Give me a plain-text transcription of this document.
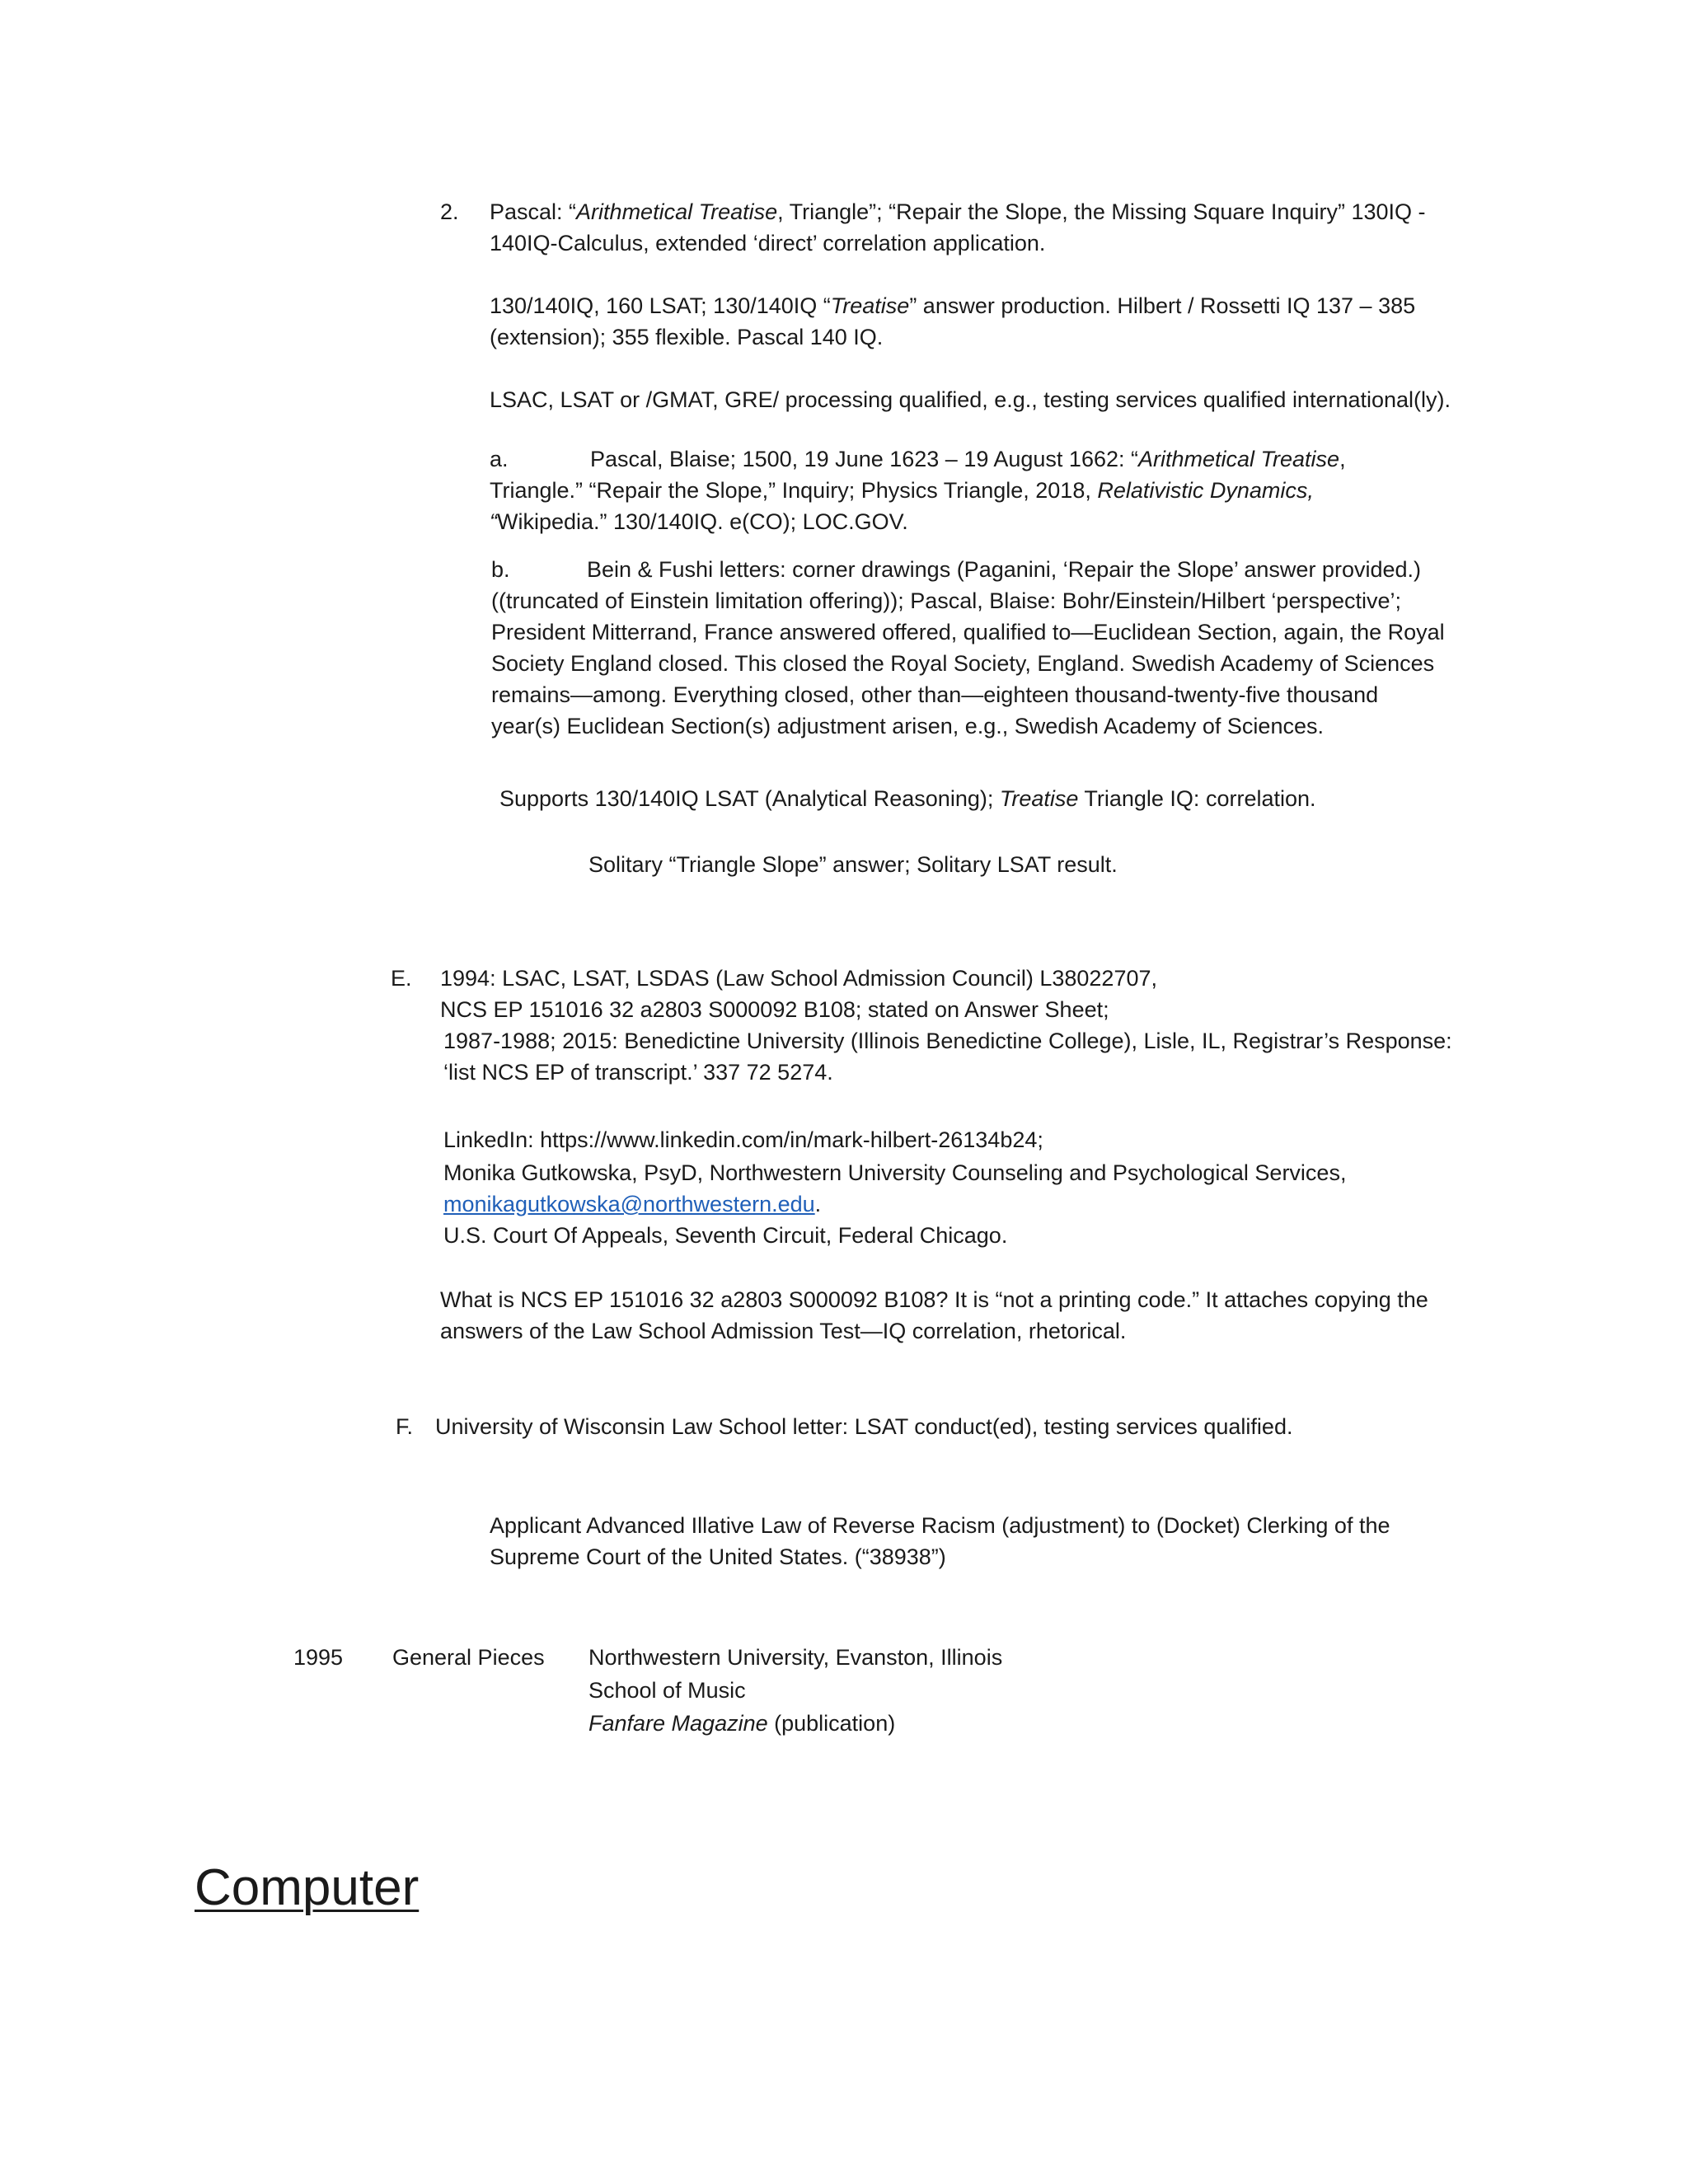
2. Pascal: “Arithmetical Treatise, Triangle”; “Repair the Slope, the Missing Square Inquiry” 130IQ -

140IQ-Calculus, extended ‘direct’ correlation application.

130/140IQ, 160 LSAT; 130/140IQ “Treatise” answer production. Hilbert / Rossetti IQ 137 – 385

(extension); 355 flexible. Pascal 140 IQ.

LSAC, LSAT or /GMAT, GRE/ processing qualified, e.g., testing services qualified international(ly).

a.	Pascal, Blaise; 1500, 19 June 1623 – 19 August 1662: “Arithmetical Treatise,

Triangle.” “Repair the Slope,” Inquiry; Physics Triangle, 2018, Relativistic Dynamics,

“Wikipedia.” 130/140IQ. e(CO); LOC.GOV.

b.	Bein & Fushi letters: corner drawings (Paganini, ‘Repair the Slope’ answer provided.)

((truncated of Einstein limitation offering)); Pascal, Blaise: Bohr/Einstein/Hilbert ‘perspective’;

President Mitterrand, France answered offered, qualified to—Euclidean Section, again, the Royal

Society England closed. This closed the Royal Society, England. Swedish Academy of Sciences

remains—among. Everything closed, other than—eighteen thousand-twenty-five thousand

year(s) Euclidean Section(s) adjustment arisen, e.g., Swedish Academy of Sciences.

Supports 130/140IQ LSAT (Analytical Reasoning); Treatise Triangle IQ: correlation.

Solitary “Triangle Slope” answer; Solitary LSAT result.

E. 1994: LSAC, LSAT, LSDAS (Law School Admission Council) L38022707,

NCS EP 151016 32 a2803 S000092 B108; stated on Answer Sheet;

1987-1988; 2015: Benedictine University (Illinois Benedictine College), Lisle, IL, Registrar’s Response:

‘list NCS EP of transcript.’ 337 72 5274.

LinkedIn: https://www.linkedin.com/in/mark-hilbert-26134b24;

Monika Gutkowska, PsyD, Northwestern University Counseling and Psychological Services,

monikagutkowska@northwestern.edu.

U.S. Court Of Appeals, Seventh Circuit, Federal Chicago.

What is NCS EP 151016 32 a2803 S000092 B108? It is “not a printing code.” It attaches copying the

answers of the Law School Admission Test—IQ correlation, rhetorical.

F. University of Wisconsin Law School letter: LSAT conduct(ed), testing services qualified.

Applicant Advanced Illative Law of Reverse Racism (adjustment) to (Docket) Clerking of the

Supreme Court of the United States. (“38938”)

1995 General Pieces Northwestern University, Evanston, Illinois

School of Music

Fanfare Magazine (publication)

Computer
